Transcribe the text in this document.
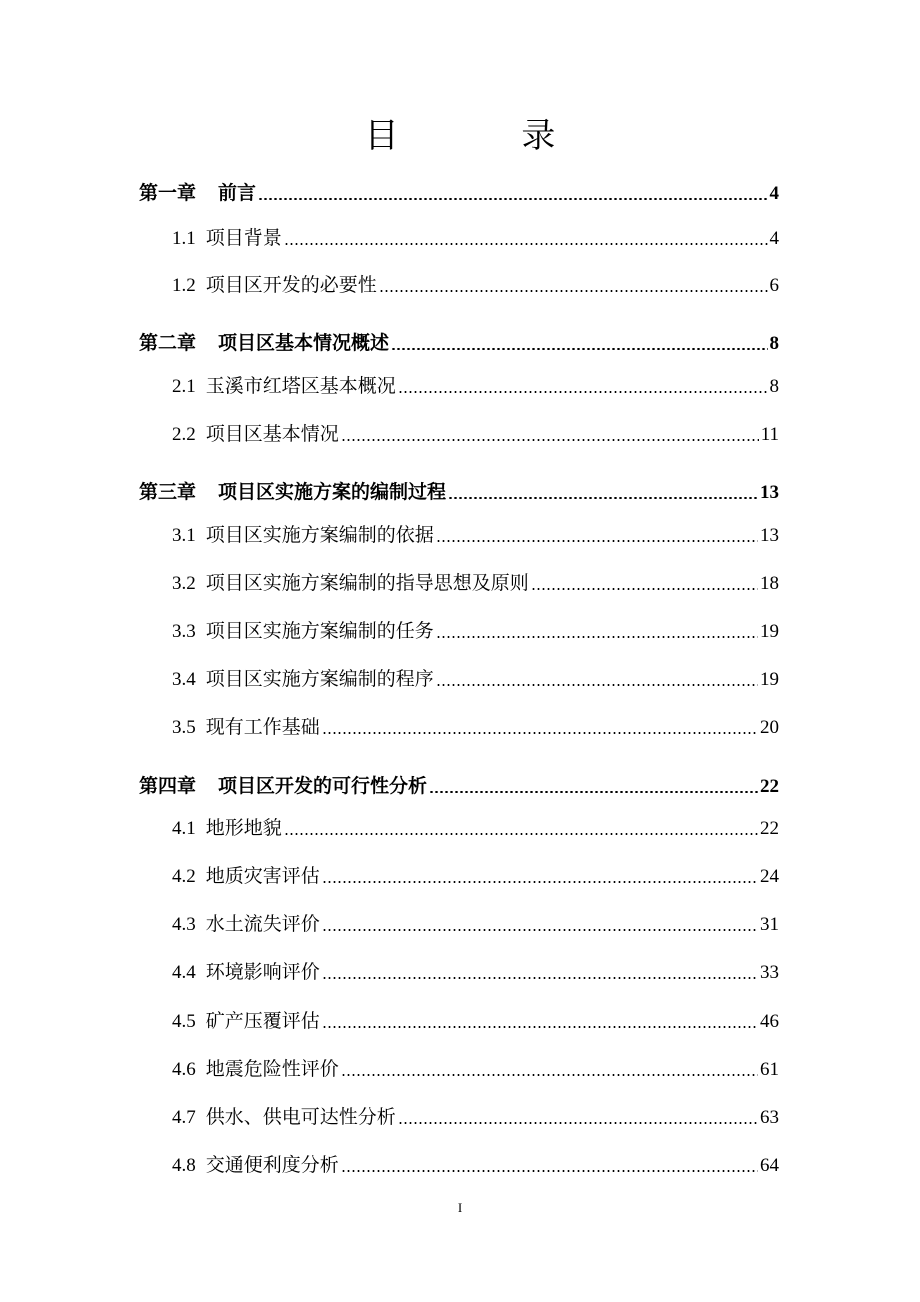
目 录
第一章 前言	4
1.1 项目背景	4
1.2 项目区开发的必要性	6
第二章 项目区基本情况概述	8
2.1 玉溪市红塔区基本概况	8
2.2 项目区基本情况	11
第三章 项目区实施方案的编制过程	13
3.1 项目区实施方案编制的依据	13
3.2 项目区实施方案编制的指导思想及原则	18
3.3 项目区实施方案编制的任务	19
3.4 项目区实施方案编制的程序	19
3.5 现有工作基础	20
第四章 项目区开发的可行性分析	22
4.1 地形地貌	22
4.2 地质灾害评估	24
4.3 水土流失评价	31
4.4 环境影响评价	33
4.5 矿产压覆评估	46
4.6 地震危险性评价	61
4.7 供水、供电可达性分析	63
4.8 交通便利度分析	64
I
